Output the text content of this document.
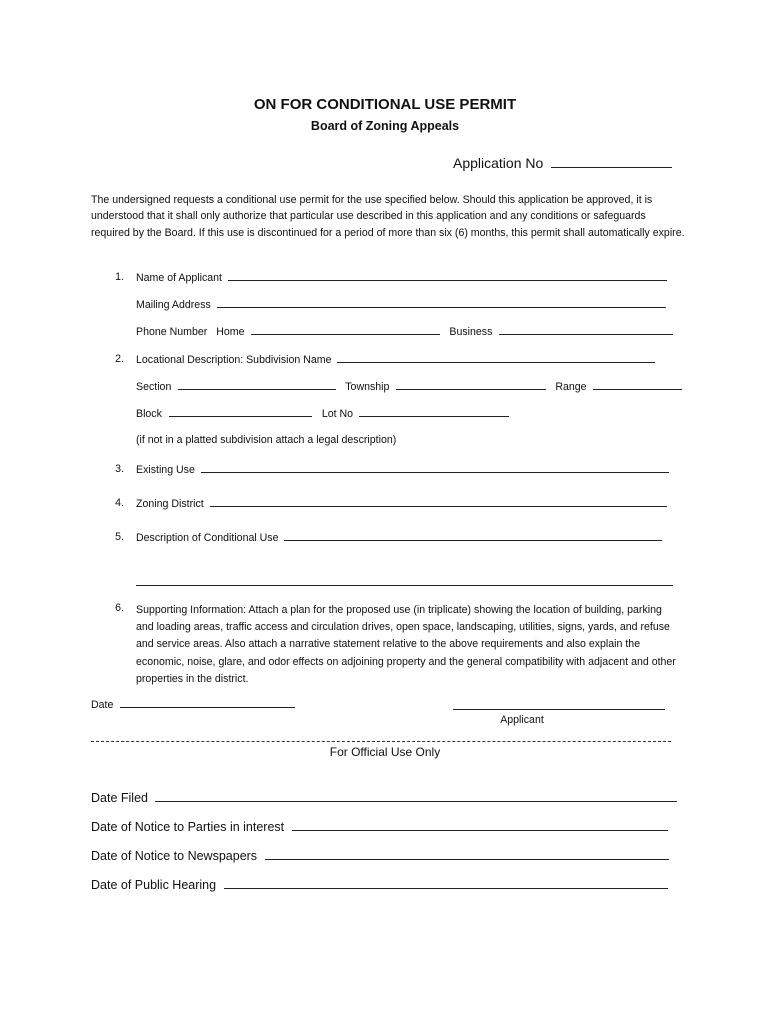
ON FOR CONDITIONAL USE PERMIT
Board of Zoning Appeals
Application No
The undersigned requests a conditional use permit for the use specified below. Should this application be approved, it is understood that it shall only authorize that particular use described in this application and any conditions or safeguards required by the Board. If this use is discontinued for a period of more than six (6) months, this permit shall automatically expire.
1. Name of Applicant
Mailing Address
Phone Number Home	Business
2. Locational Description: Subdivision Name
Section	Township	Range
Block	Lot No
(if not in a platted subdivision attach a legal description)
3. Existing Use
4. Zoning District
5. Description of Conditional Use
6. Supporting Information: Attach a plan for the proposed use (in triplicate) showing the location of building, parking and loading areas, traffic access and circulation drives, open space, landscaping, utilities, signs, yards, and refuse and service areas. Also attach a narrative statement relative to the above requirements and also explain the economic, noise, glare, and odor effects on adjoining property and the general compatibility with adjacent and other properties in the district.
Date
Applicant
For Official Use Only
Date Filed
Date of Notice to Parties in interest
Date of Notice to Newspapers
Date of Public Hearing
